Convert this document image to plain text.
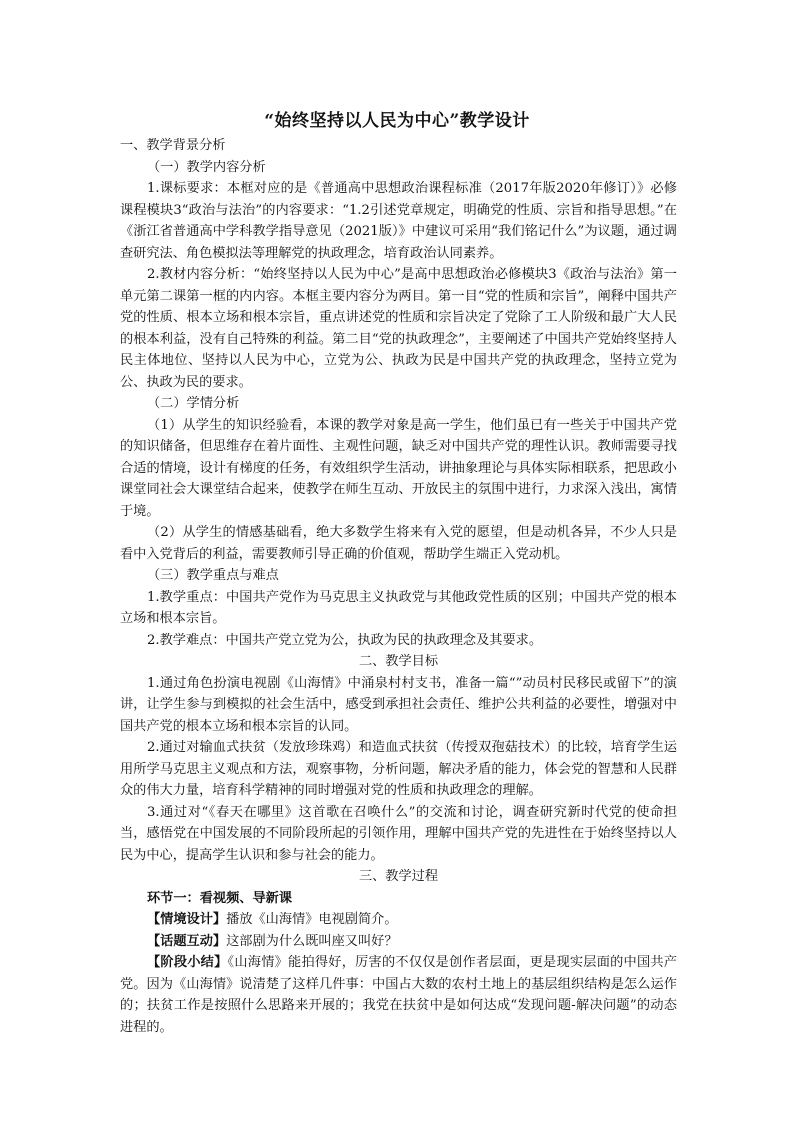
“始终坚持以人民为中心”教学设计

一、教学背景分析

（一）教学内容分析

1.课标要求：本框对应的是《普通高中思想政治课程标准（2017年版2020年修订）》必修课程模块3“政治与法治”的内容要求：“1.2引述党章规定，明确党的性质、宗旨和指导思想。”在《浙江省普通高中学科教学指导意见（2021版）》中建议可采用“我们铭记什么”为议题，通过调查研究法、角色模拟法等理解党的执政理念，培育政治认同素养。

2.教材内容分析：“始终坚持以人民为中心”是高中思想政治必修模块3《政治与法治》第一单元第二课第一框的内内容。本框主要内容分为两目。第一目“党的性质和宗旨”，阐释中国共产党的性质、根本立场和根本宗旨，重点讲述党的性质和宗旨决定了党除了工人阶级和最广大人民的根本利益，没有自己特殊的利益。第二目“党的执政理念”，主要阐述了中国共产党始终坚持人民主体地位、坚持以人民为中心，立党为公、执政为民是中国共产党的执政理念，坚持立党为公、执政为民的要求。

（二）学情分析

（1）从学生的知识经验看，本课的教学对象是高一学生，他们虽已有一些关于中国共产党的知识储备，但思维存在着片面性、主观性问题，缺乏对中国共产党的理性认识。教师需要寻找合适的情境，设计有梯度的任务，有效组织学生活动，讲抽象理论与具体实际相联系，把思政小课堂同社会大课堂结合起来，使教学在师生互动、开放民主的氛围中进行，力求深入浅出，寓情于境。

（2）从学生的情感基础看，绝大多数学生将来有入党的愿望，但是动机各异，不少人只是看中入党背后的利益，需要教师引导正确的价值观，帮助学生端正入党动机。

（三）教学重点与难点

1.教学重点：中国共产党作为马克思主义执政党与其他政党性质的区别；中国共产党的根本立场和根本宗旨。

2.教学难点：中国共产党立党为公，执政为民的执政理念及其要求。

二、教学目标

1.通过角色扮演电视剧《山海情》中涌泉村村支书，准备一篇“”动员村民移民或留下”的演讲，让学生参与到模拟的社会生活中，感受到承担社会责任、维护公共利益的必要性，增强对中国共产党的根本立场和根本宗旨的认同。

2.通过对输血式扶贫（发放珍珠鸡）和造血式扶贫（传授双孢菇技术）的比较，培育学生运用所学马克思主义观点和方法，观察事物，分析问题，解决矛盾的能力，体会党的智慧和人民群众的伟大力量，培育科学精神的同时增强对党的性质和执政理念的理解。

3.通过对“《春天在哪里》这首歌在召唤什么”的交流和讨论，调查研究新时代党的使命担当，感悟党在中国发展的不同阶段所起的引领作用，理解中国共产党的先进性在于始终坚持以人民为中心，提高学生认识和参与社会的能力。

三、教学过程

环节一：看视频、导新课

【情境设计】播放《山海情》电视剧简介。

【话题互动】这部剧为什么既叫座又叫好？

【阶段小结】《山海情》能拍得好，厉害的不仅仅是创作者层面，更是现实层面的中国共产党。因为《山海情》说清楚了这样几件事：中国占大数的农村土地上的基层组织结构是怎么运作的；扶贫工作是按照什么思路来开展的；我党在扶贫中是如何达成“发现问题-解决问题”的动态进程的。
